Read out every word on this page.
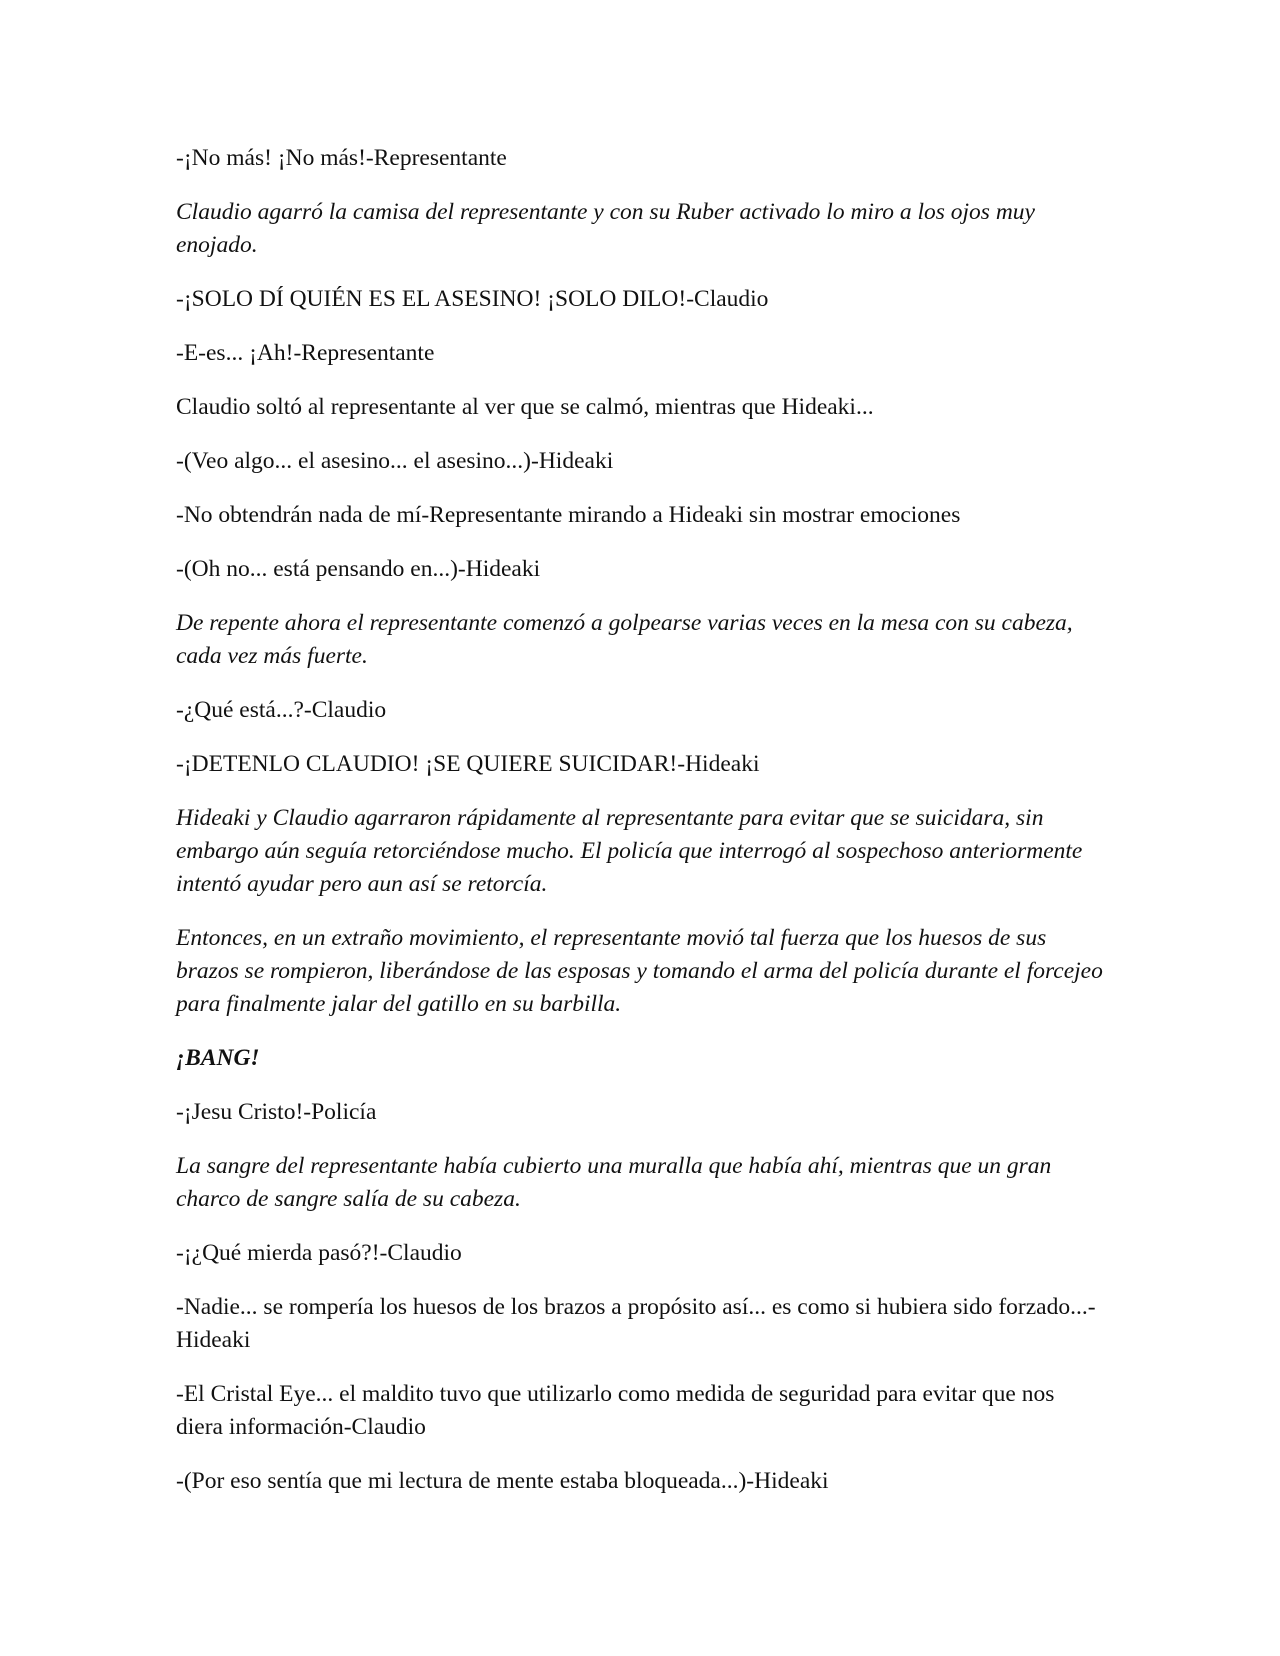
-¡No más! ¡No más!-Representante

Claudio agarró la camisa del representante y con su Ruber activado lo miro a los ojos muy enojado.

-¡SOLO DÍ QUIÉN ES EL ASESINO! ¡SOLO DILO!-Claudio

-E-es... ¡Ah!-Representante

Claudio soltó al representante al ver que se calmó, mientras que Hideaki...

-(Veo algo... el asesino... el asesino...)-Hideaki

-No obtendrán nada de mí-Representante mirando a Hideaki sin mostrar emociones

-(Oh no... está pensando en...)-Hideaki

De repente ahora el representante comenzó a golpearse varias veces en la mesa con su cabeza, cada vez más fuerte.

-¿Qué está...?-Claudio

-¡DETENLO CLAUDIO! ¡SE QUIERE SUICIDAR!-Hideaki

Hideaki y Claudio agarraron rápidamente al representante para evitar que se suicidara, sin embargo aún seguía retorciéndose mucho. El policía que interrogó al sospechoso anteriormente intentó ayudar pero aun así se retorcía.

Entonces, en un extraño movimiento, el representante movió tal fuerza que los huesos de sus brazos se rompieron, liberándose de las esposas y tomando el arma del policía durante el forcejeo para finalmente jalar del gatillo en su barbilla.

¡BANG!

-¡Jesu Cristo!-Policía

La sangre del representante había cubierto una muralla que había ahí, mientras que un gran charco de sangre salía de su cabeza.

-¡¿Qué mierda pasó?!-Claudio

-Nadie... se rompería los huesos de los brazos a propósito así... es como si hubiera sido forzado...-Hideaki

-El Cristal Eye... el maldito tuvo que utilizarlo como medida de seguridad para evitar que nos diera información-Claudio

-(Por eso sentía que mi lectura de mente estaba bloqueada...)-Hideaki
